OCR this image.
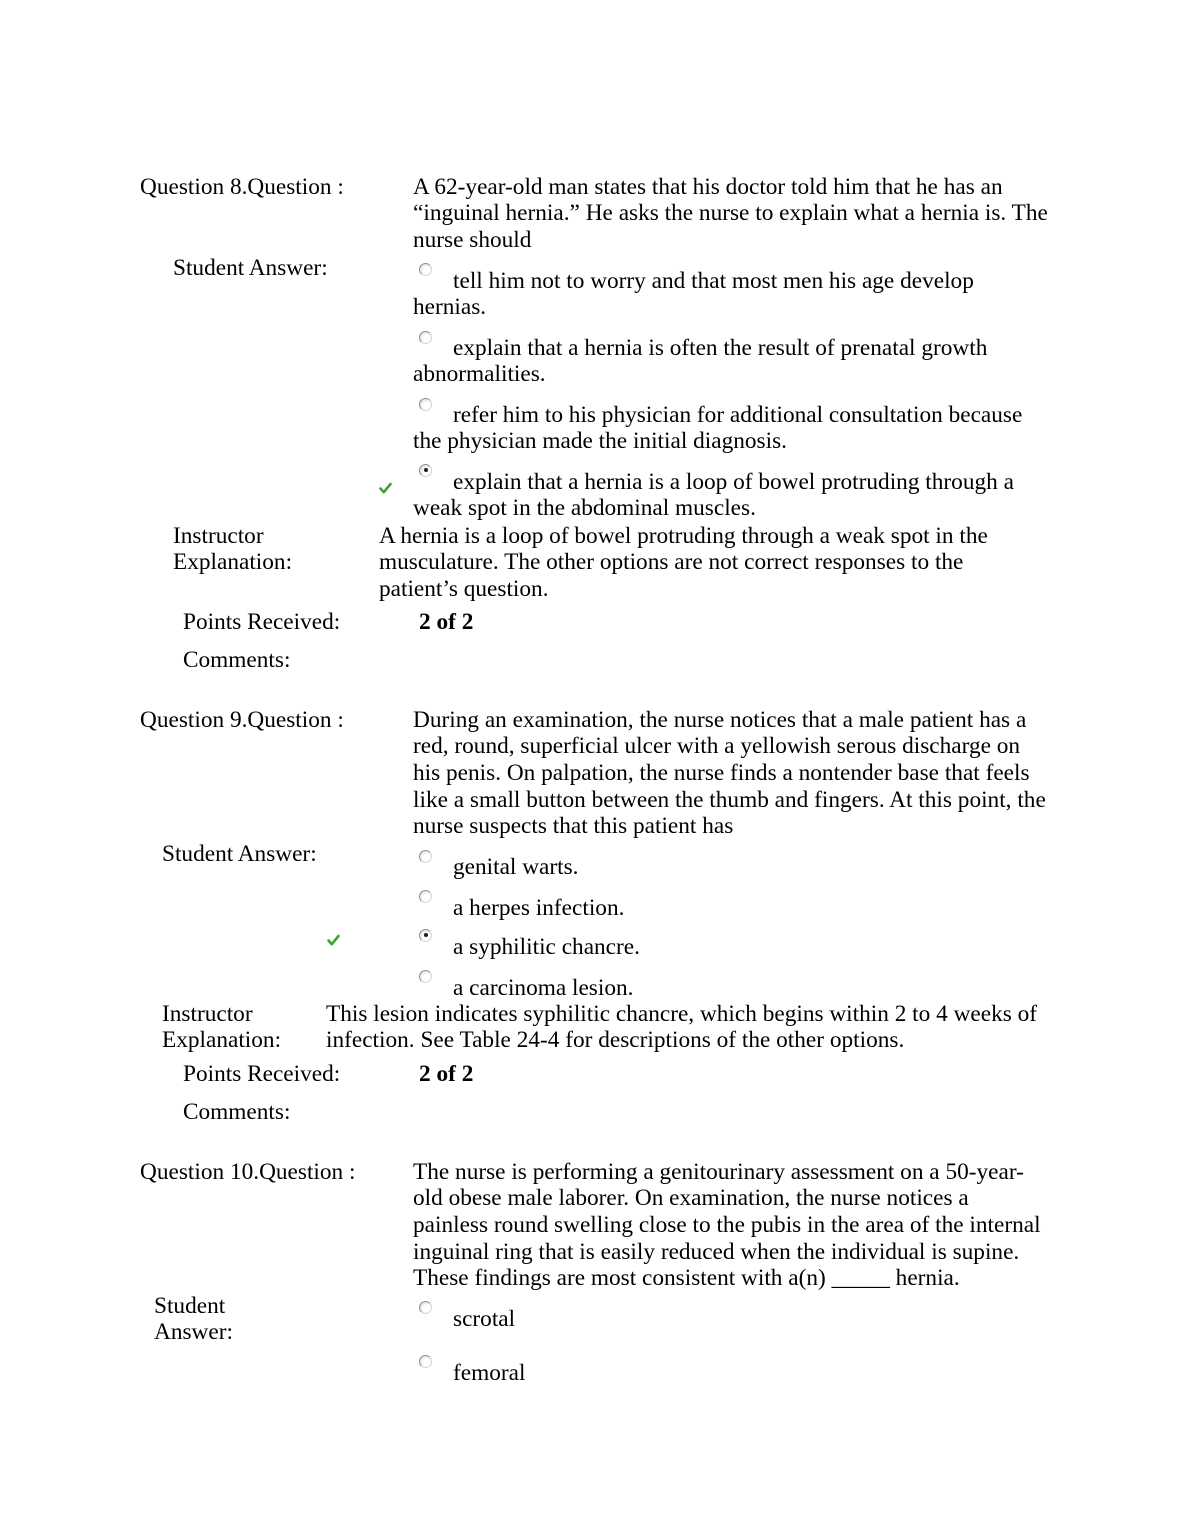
Question 8.Question :	A 62-year-old man states that his doctor told him that he has an
“inguinal hernia.” He asks the nurse to explain what a hernia is. The
nurse should
Student Answer:	tell him not to worry and that most men his age develop
hernias.
explain that a hernia is often the result of prenatal growth
abnormalities.
refer him to his physician for additional consultation because
the physician made the initial diagnosis.
explain that a hernia is a loop of bowel protruding through a
weak spot in the abdominal muscles.
Instructor
Explanation:
A hernia is a loop of bowel protruding through a weak spot in the
musculature. The other options are not correct responses to the
patient’s question.
Points Received:	2 of 2
Comments:
Question 9.Question :	During an examination, the nurse notices that a male patient has a
red, round, superficial ulcer with a yellowish serous discharge on
his penis. On palpation, the nurse finds a nontender base that feels
like a small button between the thumb and fingers. At this point, the
nurse suspects that this patient has
Student Answer:	genital warts.
a herpes infection.
a syphilitic chancre.
a carcinoma lesion.
Instructor
Explanation:
This lesion indicates syphilitic chancre, which begins within 2 to 4 weeks of
infection. See Table 24-4 for descriptions of the other options.
Points Received:	2 of 2
Comments:
Question 10.Question : The nurse is performing a genitourinary assessment on a 50-year-
old obese male laborer. On examination, the nurse notices a
painless round swelling close to the pubis in the area of the internal
inguinal ring that is easily reduced when the individual is supine.
These findings are most consistent with a(n) _____ hernia.
Student
Answer:
scrotal
femoral
